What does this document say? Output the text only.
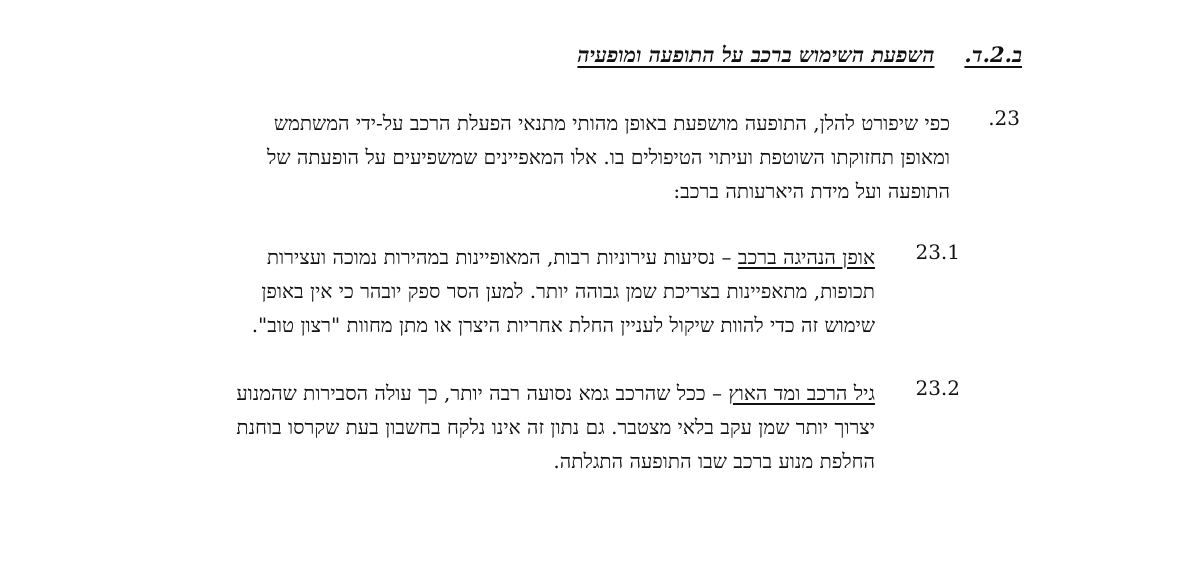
ב.2.ד.השפעת השימוש ברכב על התופעה ומופעיה
23.
כפי שיפורט להלן, התופעה מושפעת באופן מהותי מתנאי הפעלת הרכב על-ידי המשתמש
ומאופן תחזוקתו השוטפת ועיתוי הטיפולים בו. אלו המאפיינים שמשפיעים על הופעתה של
התופעה ועל מידת היארעותה ברכב:
23.1
אופן הנהיגה ברכב – נסיעות עירוניות רבות, המאופיינות במהירות נמוכה ועצירות
תכופות, מתאפיינות בצריכת שמן גבוהה יותר. למען הסר ספק יובהר כי אין באופן
שימוש זה כדי להוות שיקול לעניין החלת אחריות היצרן או מתן מחוות "רצון טוב".
23.2
גיל הרכב ומד האוץ – ככל שהרכב גמא נסועה רבה יותר, כך עולה הסבירות שהמנוע
יצרוך יותר שמן עקב בלאי מצטבר. גם נתון זה אינו נלקח בחשבון בעת שקרסו בוחנת
החלפת מנוע ברכב שבו התופעה התגלתה.
